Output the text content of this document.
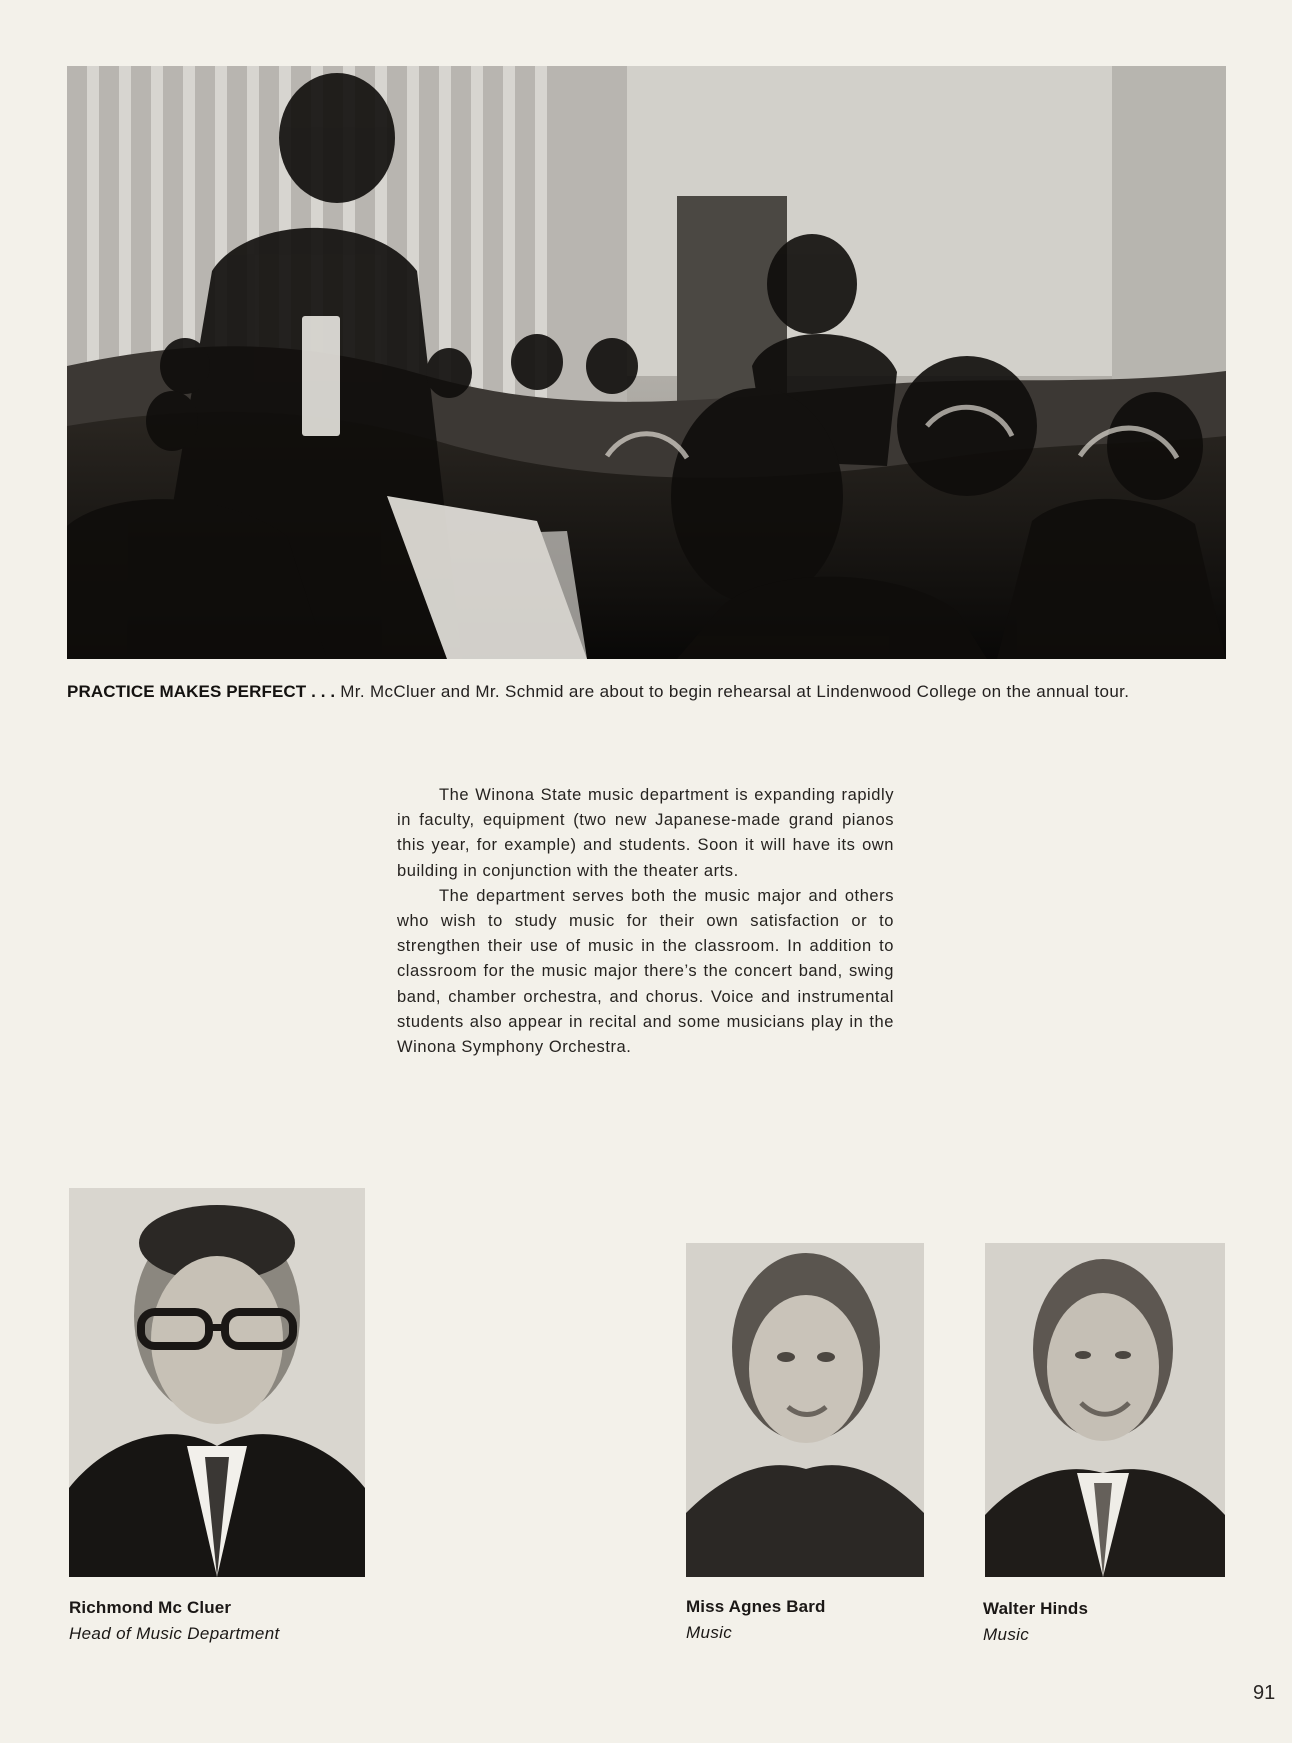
PRACTICE MAKES PERFECT . . . Mr. McCluer and Mr. Schmid are about to begin rehearsal at Lindenwood College on the annual tour.

The Winona State music department is expanding rapidly in faculty, equipment (two new Japanese-made grand pianos this year, for example) and students. Soon it will have its own building in conjunction with the theater arts.

The department serves both the music major and others who wish to study music for their own satisfaction or to strengthen their use of music in the classroom. In addition to classroom for the music major there’s the concert band, swing band, chamber orchestra, and chorus. Voice and instrumental students also appear in recital and some musicians play in the Winona Symphony Orchestra.

Richmond Mc Cluer
Head of Music Department
Miss Agnes Bard
Music
Walter Hinds
Music
91
